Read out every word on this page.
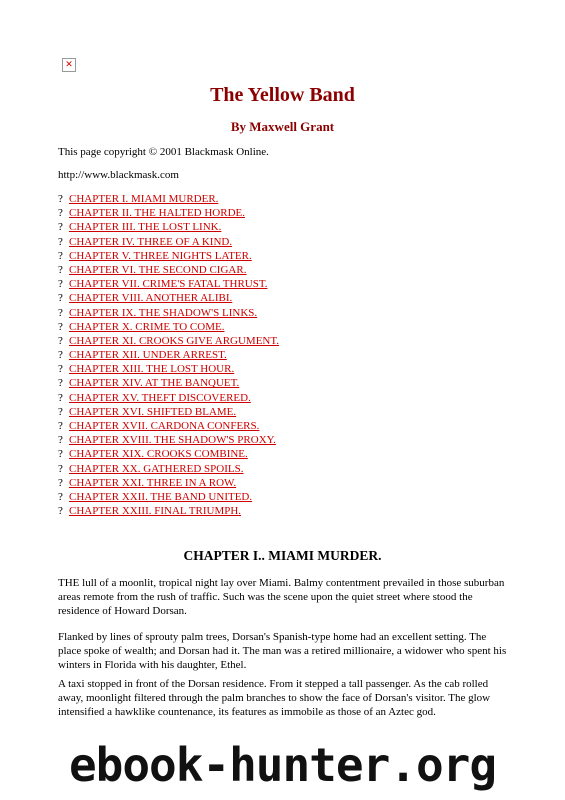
✕
The Yellow Band
By Maxwell Grant

This page copyright © 2001 Blackmask Online.

http://www.blackmask.com

? CHAPTER I. MIAMI MURDER.
? CHAPTER II. THE HALTED HORDE.
? CHAPTER III. THE LOST LINK.
? CHAPTER IV. THREE OF A KIND.
? CHAPTER V. THREE NIGHTS LATER.
? CHAPTER VI. THE SECOND CIGAR.
? CHAPTER VII. CRIME'S FATAL THRUST.
? CHAPTER VIII. ANOTHER ALIBI.
? CHAPTER IX. THE SHADOW'S LINKS.
? CHAPTER X. CRIME TO COME.
? CHAPTER XI. CROOKS GIVE ARGUMENT.
? CHAPTER XII. UNDER ARREST.
? CHAPTER XIII. THE LOST HOUR.
? CHAPTER XIV. AT THE BANQUET.
? CHAPTER XV. THEFT DISCOVERED.
? CHAPTER XVI. SHIFTED BLAME.
? CHAPTER XVII. CARDONA CONFERS.
? CHAPTER XVIII. THE SHADOW'S PROXY.
? CHAPTER XIX. CROOKS COMBINE.
? CHAPTER XX. GATHERED SPOILS.
? CHAPTER XXI. THREE IN A ROW.
? CHAPTER XXII. THE BAND UNITED.
? CHAPTER XXIII. FINAL TRIUMPH.
CHAPTER I.. MIAMI MURDER.

THE lull of a moonlit, tropical night lay over Miami. Balmy contentment prevailed in those suburban areas remote from the rush of traffic. Such was the scene upon the quiet street where stood the residence of Howard Dorsan.

Flanked by lines of sprouty palm trees, Dorsan's Spanish-type home had an excellent setting. The place spoke of wealth; and Dorsan had it. The man was a retired millionaire, a widower who spent his winters in Florida with his daughter, Ethel.

A taxi stopped in front of the Dorsan residence. From it stepped a tall passenger. As the cab rolled away, moonlight filtered through the palm branches to show the face of Dorsan's visitor. The glow intensified a hawklike countenance, its features as immobile as those of an Aztec god.

ebook-hunter.org
